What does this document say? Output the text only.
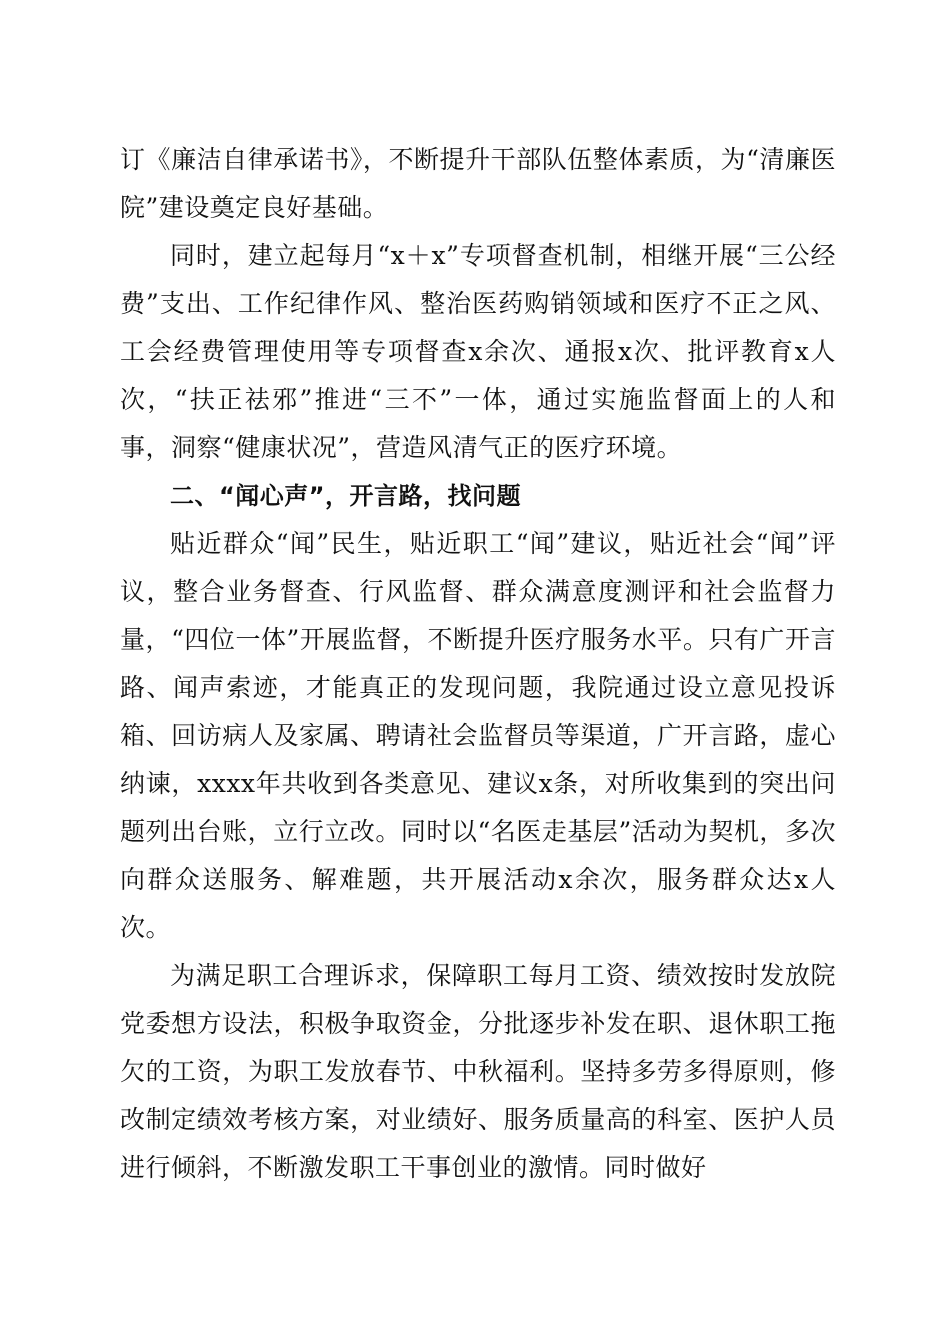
订《廉洁自律承诺书》，不断提升干部队伍整体素质，为“清廉医院”建设奠定良好基础。

同时，建立起每月“x＋x”专项督查机制，相继开展“三公经费”支出、工作纪律作风、整治医药购销领域和医疗不正之风、工会经费管理使用等专项督查x余次、通报x次、批评教育x人次，“扶正祛邪”推进“三不”一体，通过实施监督面上的人和事，洞察“健康状况”，营造风清气正的医疗环境。

二、“闻心声”，开言路，找问题

贴近群众“闻”民生，贴近职工“闻”建议，贴近社会“闻”评议，整合业务督查、行风监督、群众满意度测评和社会监督力量，“四位一体”开展监督，不断提升医疗服务水平。只有广开言路、闻声索迹，才能真正的发现问题，我院通过设立意见投诉箱、回访病人及家属、聘请社会监督员等渠道，广开言路，虚心纳谏，xxxx年共收到各类意见、建议x条，对所收集到的突出问题列出台账，立行立改。同时以“名医走基层”活动为契机，多次向群众送服务、解难题，共开展活动x余次，服务群众达x人次。

为满足职工合理诉求，保障职工每月工资、绩效按时发放院党委想方设法，积极争取资金，分批逐步补发在职、退休职工拖欠的工资，为职工发放春节、中秋福利。坚持多劳多得原则，修改制定绩效考核方案，对业绩好、服务质量高的科室、医护人员进行倾斜，不断激发职工干事创业的激情。同时做好
